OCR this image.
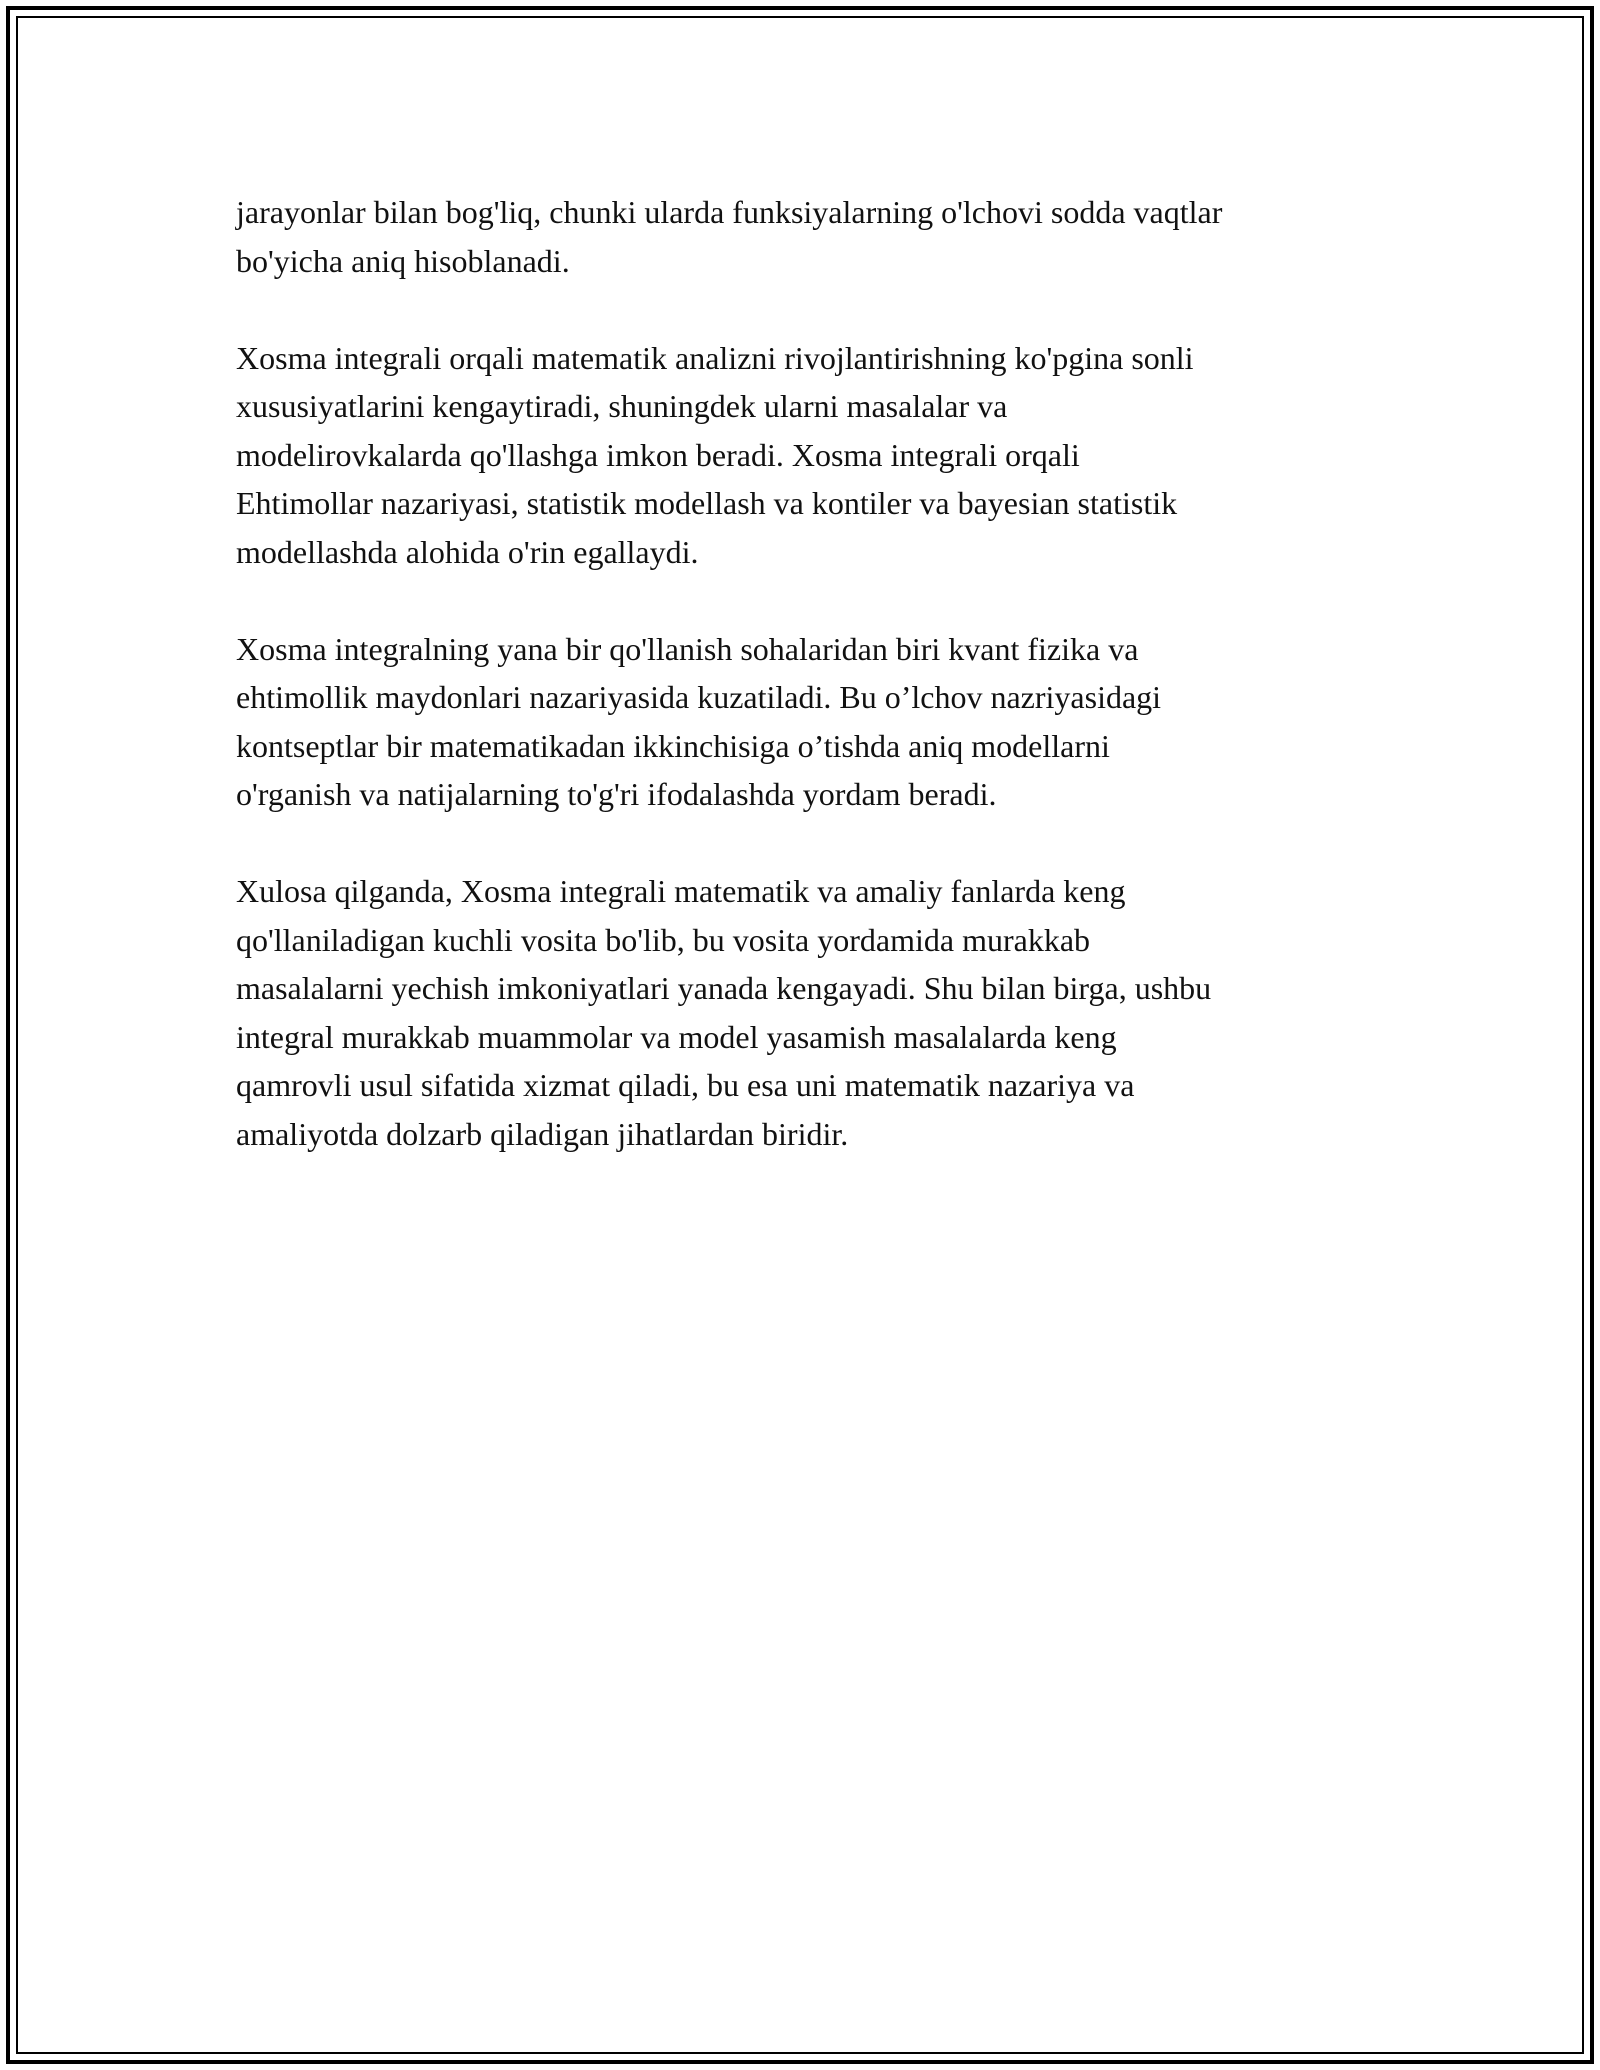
jarayonlar bilan bog'liq, chunki ularda funksiyalarning o'lchovi sodda vaqtlar
bo'yicha aniq hisoblanadi.

Xosma integrali orqali matematik analizni rivojlantirishning ko'pgina sonli
xususiyatlarini kengaytiradi, shuningdek ularni masalalar va
modelirovkalarda qo'llashga imkon beradi. Xosma integrali orqali
Ehtimollar nazariyasi, statistik modellash va kontiler va bayesian statistik
modellashda alohida o'rin egallaydi.

Xosma integralning yana bir qo'llanish sohalaridan biri kvant fizika va
ehtimollik maydonlari nazariyasida kuzatiladi. Bu o’lchov nazriyasidagi
kontseptlar bir matematikadan ikkinchisiga o’tishda aniq modellarni
o'rganish va natijalarning to'g'ri ifodalashda yordam beradi.

Xulosa qilganda, Xosma integrali matematik va amaliy fanlarda keng
qo'llaniladigan kuchli vosita bo'lib, bu vosita yordamida murakkab
masalalarni yechish imkoniyatlari yanada kengayadi. Shu bilan birga, ushbu
integral murakkab muammolar va model yasamish masalalarda keng
qamrovli usul sifatida xizmat qiladi, bu esa uni matematik nazariya va
amaliyotda dolzarb qiladigan jihatlardan biridir.
